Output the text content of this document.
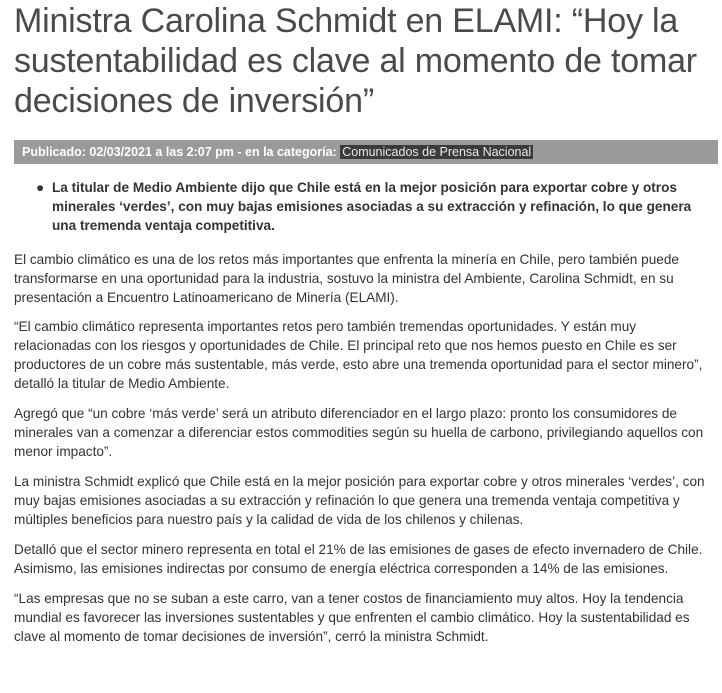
Ministra Carolina Schmidt en ELAMI: “Hoy la sustentabilidad es clave al momento de tomar decisiones de inversión”
Publicado: 02/03/2021 a las 2:07 pm - en la categoría: Comunicados de Prensa Nacional
● La titular de Medio Ambiente dijo que Chile está en la mejor posición para exportar cobre y otros minerales ‘verdes’, con muy bajas emisiones asociadas a su extracción y refinación, lo que genera una tremenda ventaja competitiva.

El cambio climático es una de los retos más importantes que enfrenta la minería en Chile, pero también puede transformarse en una oportunidad para la industria, sostuvo la ministra del Ambiente, Carolina Schmidt, en su presentación a Encuentro Latinoamericano de Minería (ELAMI).

“El cambio climático representa importantes retos pero también tremendas oportunidades. Y están muy relacionadas con los riesgos y oportunidades de Chile. El principal reto que nos hemos puesto en Chile es ser productores de un cobre más sustentable, más verde, esto abre una tremenda oportunidad para el sector minero”, detalló la titular de Medio Ambiente.

Agregó que “un cobre ‘más verde’ será un atributo diferenciador en el largo plazo: pronto los consumidores de minerales van a comenzar a diferenciar estos commodities según su huella de carbono, privilegiando aquellos con menor impacto”.

La ministra Schmidt explicó que Chile está en la mejor posición para exportar cobre y otros minerales ‘verdes’, con muy bajas emisiones asociadas a su extracción y refinación lo que genera una tremenda ventaja competitiva y múltiples beneficios para nuestro país y la calidad de vida de los chilenos y chilenas.

Detalló que el sector minero representa en total el 21% de las emisiones de gases de efecto invernadero de Chile. Asimismo, las emisiones indirectas por consumo de energía eléctrica corresponden a 14% de las emisiones.

“Las empresas que no se suban a este carro, van a tener costos de financiamiento muy altos. Hoy la tendencia mundial es favorecer las inversiones sustentables y que enfrenten el cambio climático. Hoy la sustentabilidad es clave al momento de tomar decisiones de inversión”, cerró la ministra Schmidt.
